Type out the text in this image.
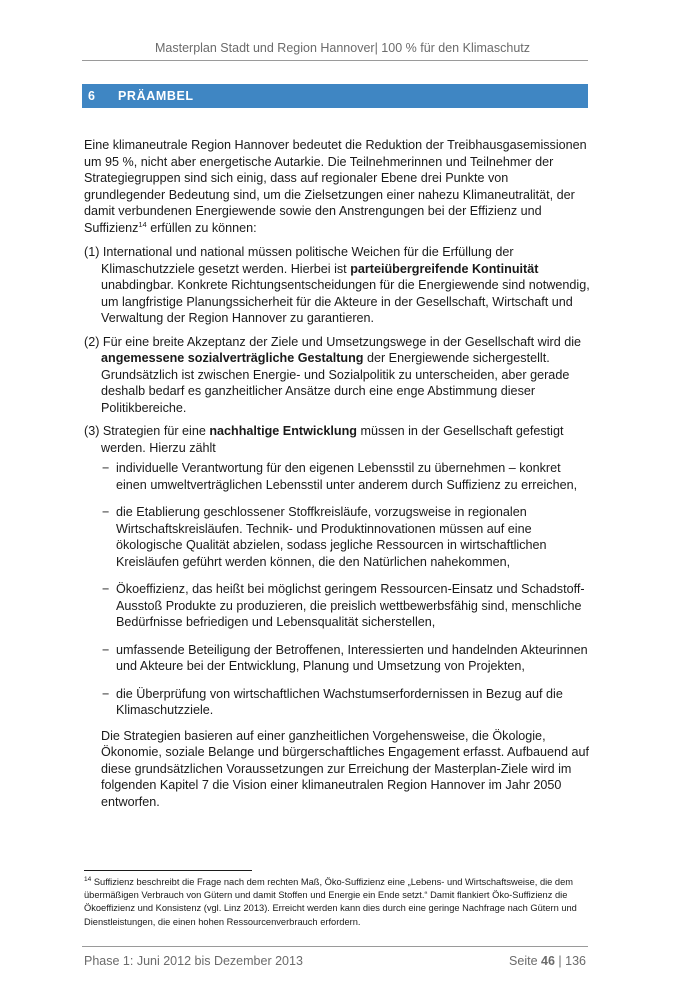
Masterplan Stadt und Region Hannover| 100 % für den Klimaschutz
6 PRÄAMBEL

Eine klimaneutrale Region Hannover bedeutet die Reduktion der Treibhausgasemissionen um 95 %, nicht aber energetische Autarkie. Die Teilnehmerinnen und Teilnehmer der Strategiegruppen sind sich einig, dass auf regionaler Ebene drei Punkte von grundlegender Bedeutung sind, um die Zielsetzungen einer nahezu Klimaneutralität, der damit verbundenen Energiewende sowie den Anstrengungen bei der Effizienz und Suffizienz$^{14}$ erfüllen zu können:

(1) International und national müssen politische Weichen für die Erfüllung der Klimaschutzziele gesetzt werden. Hierbei ist parteiübergreifende Kontinuität unabdingbar. Konkrete Richtungsentscheidungen für die Energiewende sind notwendig, um langfristige Planungssicherheit für die Akteure in der Gesellschaft, Wirtschaft und Verwaltung der Region Hannover zu garantieren.

(2) Für eine breite Akzeptanz der Ziele und Umsetzungswege in der Gesellschaft wird die angemessene sozialverträgliche Gestaltung der Energiewende sichergestellt. Grundsätzlich ist zwischen Energie- und Sozialpolitik zu unterscheiden, aber gerade deshalb bedarf es ganzheitlicher Ansätze durch eine enge Abstimmung dieser Politikbereiche.

(3) Strategien für eine nachhaltige Entwicklung müssen in der Gesellschaft gefestigt werden. Hierzu zählt

− individuelle Verantwortung für den eigenen Lebensstil zu übernehmen – konkret einen umweltverträglichen Lebensstil unter anderem durch Suffizienz zu erreichen,
− die Etablierung geschlossener Stoffkreisläufe, vorzugsweise in regionalen Wirtschaftskreisläufen. Technik- und Produktinnovationen müssen auf eine ökologische Qualität abzielen, sodass jegliche Ressourcen in wirtschaftlichen Kreisläufen geführt werden können, die den Natürlichen nahekommen,
− Ökoeffizienz, das heißt bei möglichst geringem Ressourcen-Einsatz und Schadstoff-Ausstoß Produkte zu produzieren, die preislich wettbewerbsfähig sind, menschliche Bedürfnisse befriedigen und Lebensqualität sicherstellen,
− umfassende Beteiligung der Betroffenen, Interessierten und handelnden Akteurinnen und Akteure bei der Entwicklung, Planung und Umsetzung von Projekten,
− die Überprüfung von wirtschaftlichen Wachstumserfordernissen in Bezug auf die Klimaschutzziele.

Die Strategien basieren auf einer ganzheitlichen Vorgehensweise, die Ökologie, Ökonomie, soziale Belange und bürgerschaftliches Engagement erfasst. Aufbauend auf diese grundsätzlichen Voraussetzungen zur Erreichung der Masterplan-Ziele wird im folgenden Kapitel 7 die Vision einer klimaneutralen Region Hannover im Jahr 2050 entworfen.

$^{14}$ Suffizienz beschreibt die Frage nach dem rechten Maß, Öko-Suffizienz eine „Lebens- und Wirtschaftsweise, die dem übermäßigen Verbrauch von Gütern und damit Stoffen und Energie ein Ende setzt.“ Damit flankiert Öko-Suffizienz die Ökoeffizienz und Konsistenz (vgl. Linz 2013). Erreicht werden kann dies durch eine geringe Nachfrage nach Gütern und Dienstleistungen, die einen hohen Ressourcenverbrauch erfordern.
Phase 1: Juni 2012 bis Dezember 2013	Seite 46 | 136
